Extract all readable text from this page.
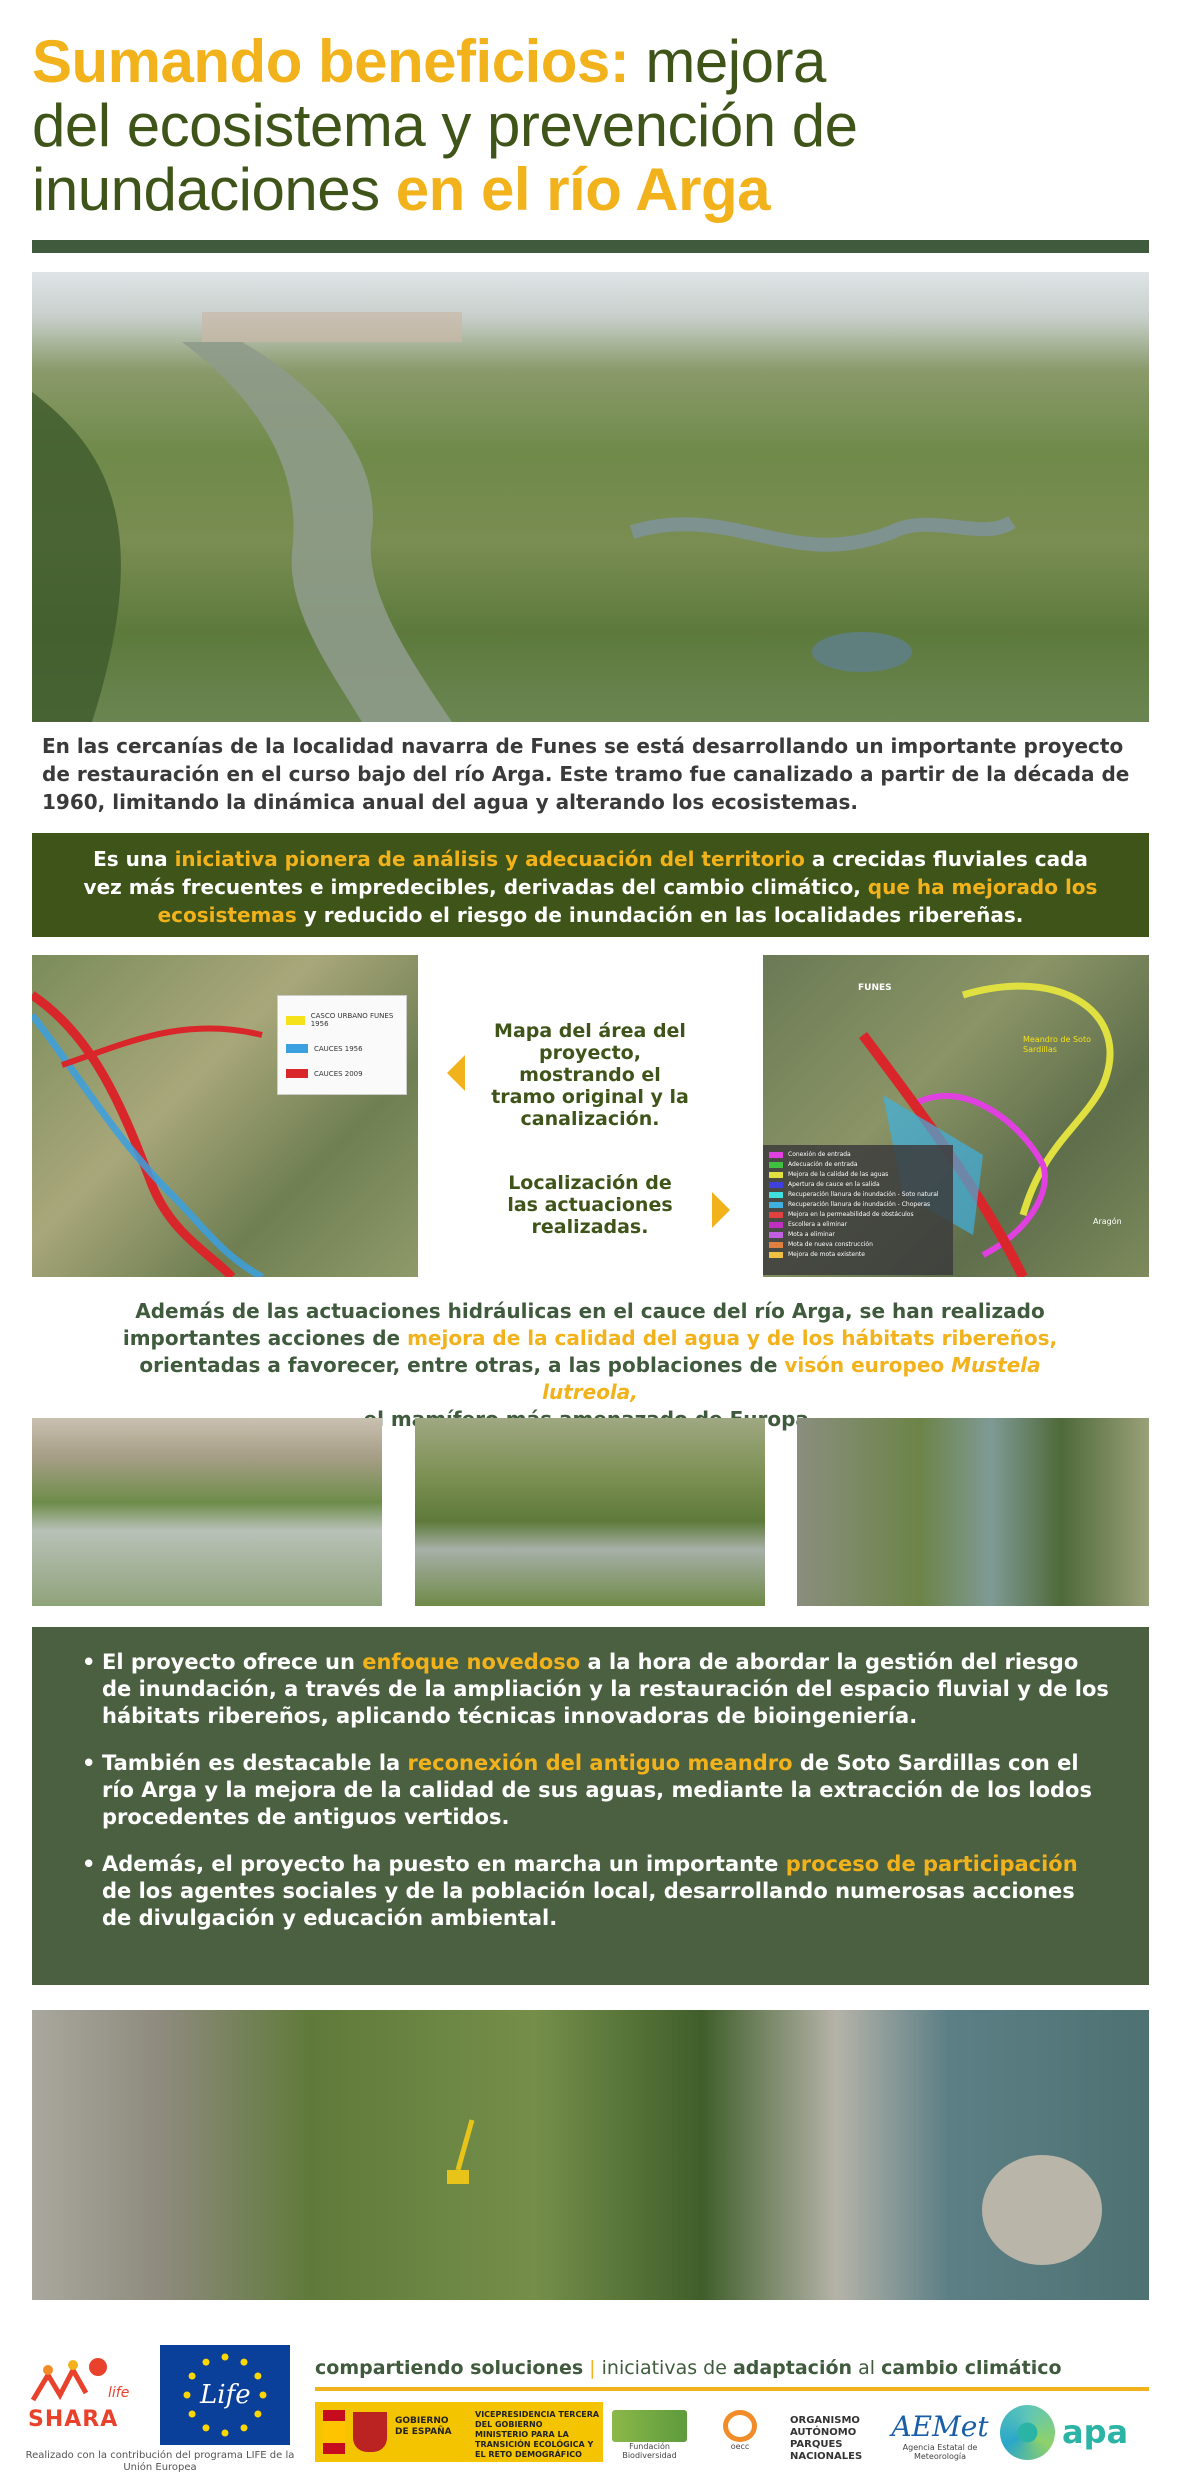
Sumando beneficios: mejora
del ecosistema y prevención de
inundaciones en el río Arga

En las cercanías de la localidad navarra de Funes se está desarrollando un importante proyecto de restauración en el curso bajo del río Arga. Este tramo fue canalizado a partir de la década de 1960, limitando la dinámica anual del agua y alterando los ecosistemas.

Es una iniciativa pionera de análisis y adecuación del territorio a crecidas fluviales cada vez más frecuentes e impredecibles, derivadas del cambio climático, que ha mejorado los ecosistemas y reducido el riesgo de inundación en las localidades ribereñas.
CASCO URBANO FUNES 1956
CAUCES 1956
CAUCES 2009

Mapa del área del proyecto, mostrando el tramo original y la canalización.

Localización de las actuaciones realizadas.

FUNES
Meandro de Soto Sardillas
Aragón
Conexión de entrada
Adecuación de entrada
Mejora de la calidad de las aguas
Apertura de cauce en la salida
Recuperación llanura de inundación - Soto natural
Recuperación llanura de inundación - Choperas
Mejora en la permeabilidad de obstáculos
Escollera a eliminar
Mota a eliminar
Mota de nueva construcción
Mejora de mota existente

Además de las actuaciones hidráulicas en el cauce del río Arga, se han realizado importantes acciones de mejora de la calidad del agua y de los hábitats ribereños, orientadas a favorecer, entre otras, a las poblaciones de visón europeo Mustela lutreola,
Europa.

• El proyecto ofrece un enfoque novedoso a la hora de abordar la gestión del riesgo de inundación, a través de la ampliación y la restauración del espacio fluvial y de los hábitats ribereños, aplicando técnicas innovadoras de bioingeniería.
• También es destacable la reconexión del antiguo meandro de Soto Sardillas con el río Arga y la mejora de la calidad de sus aguas, mediante la extracción de los lodos procedentes de antiguos vertidos.
• Además, el proyecto ha puesto en marcha un importante proceso de participación de los agentes sociales y de la población local, desarrollando numerosas acciones de divulgación y educación ambiental.
life
SHARA
Life

Realizado con la contribución del programa LIFE de la Unión Europea

compartiendo soluciones | iniciativas de adaptación al cambio climático
GOBIERNO DE ESPAÑA
VICEPRESIDENCIA TERCERA DEL GOBIERNO
MINISTERIO PARA LA TRANSICIÓN ECOLÓGICA Y EL RETO DEMOGRÁFICO
Fundación Biodiversidad
oecc
ORGANISMO AUTÓNOMO PARQUES NACIONALES
AEMet
Agencia Estatal de Meteorología
apa
